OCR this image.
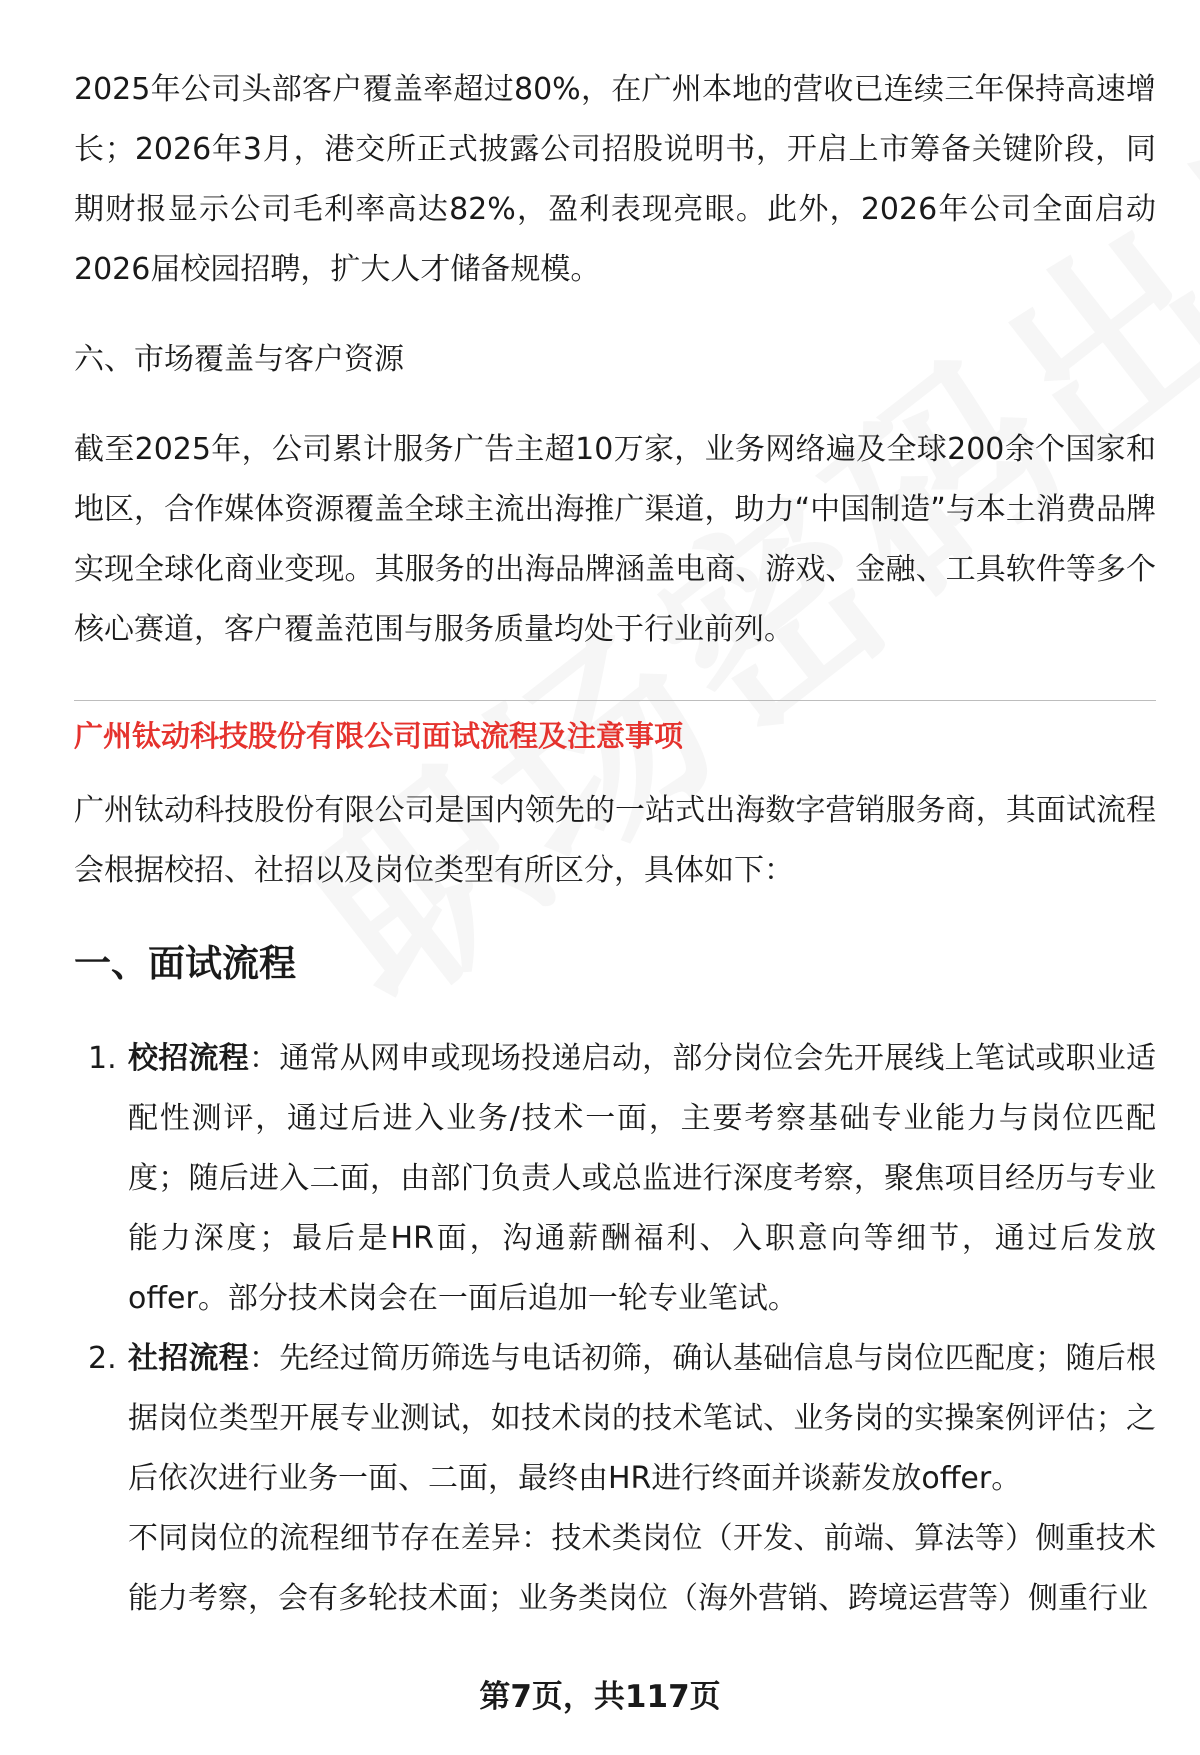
2025年公司头部客户覆盖率超过80%，在广州本地的营收已连续三年保持高速增长；2026年3月，港交所正式披露公司招股说明书，开启上市筹备关键阶段，同期财报显示公司毛利率高达82%，盈利表现亮眼。此外，2026年公司全面启动2026届校园招聘，扩大人才储备规模。

六、市场覆盖与客户资源

截至2025年，公司累计服务广告主超10万家，业务网络遍及全球200余个国家和地区，合作媒体资源覆盖全球主流出海推广渠道，助力“中国制造”与本土消费品牌实现全球化商业变现。其服务的出海品牌涵盖电商、游戏、金融、工具软件等多个核心赛道，客户覆盖范围与服务质量均处于行业前列。

广州钛动科技股份有限公司面试流程及注意事项

广州钛动科技股份有限公司是国内领先的一站式出海数字营销服务商，其面试流程会根据校招、社招以及岗位类型有所区分，具体如下：

一、面试流程

1. 校招流程：通常从网申或现场投递启动，部分岗位会先开展线上笔试或职业适配性测评，通过后进入业务/技术一面，主要考察基础专业能力与岗位匹配度；随后进入二面，由部门负责人或总监进行深度考察，聚焦项目经历与专业能力深度；最后是HR面，沟通薪酬福利、入职意向等细节，通过后发放offer。部分技术岗会在一面后追加一轮专业笔试。

2. 社招流程：先经过简历筛选与电话初筛，确认基础信息与岗位匹配度；随后根据岗位类型开展专业测试，如技术岗的技术笔试、业务岗的实操案例评估；之后依次进行业务一面、二面，最终由HR进行终面并谈薪发放offer。

不同岗位的流程细节存在差异：技术类岗位（开发、前端、算法等）侧重技术能力考察，会有多轮技术面；业务类岗位（海外营销、跨境运营等）侧重行业

第7页，共117页
